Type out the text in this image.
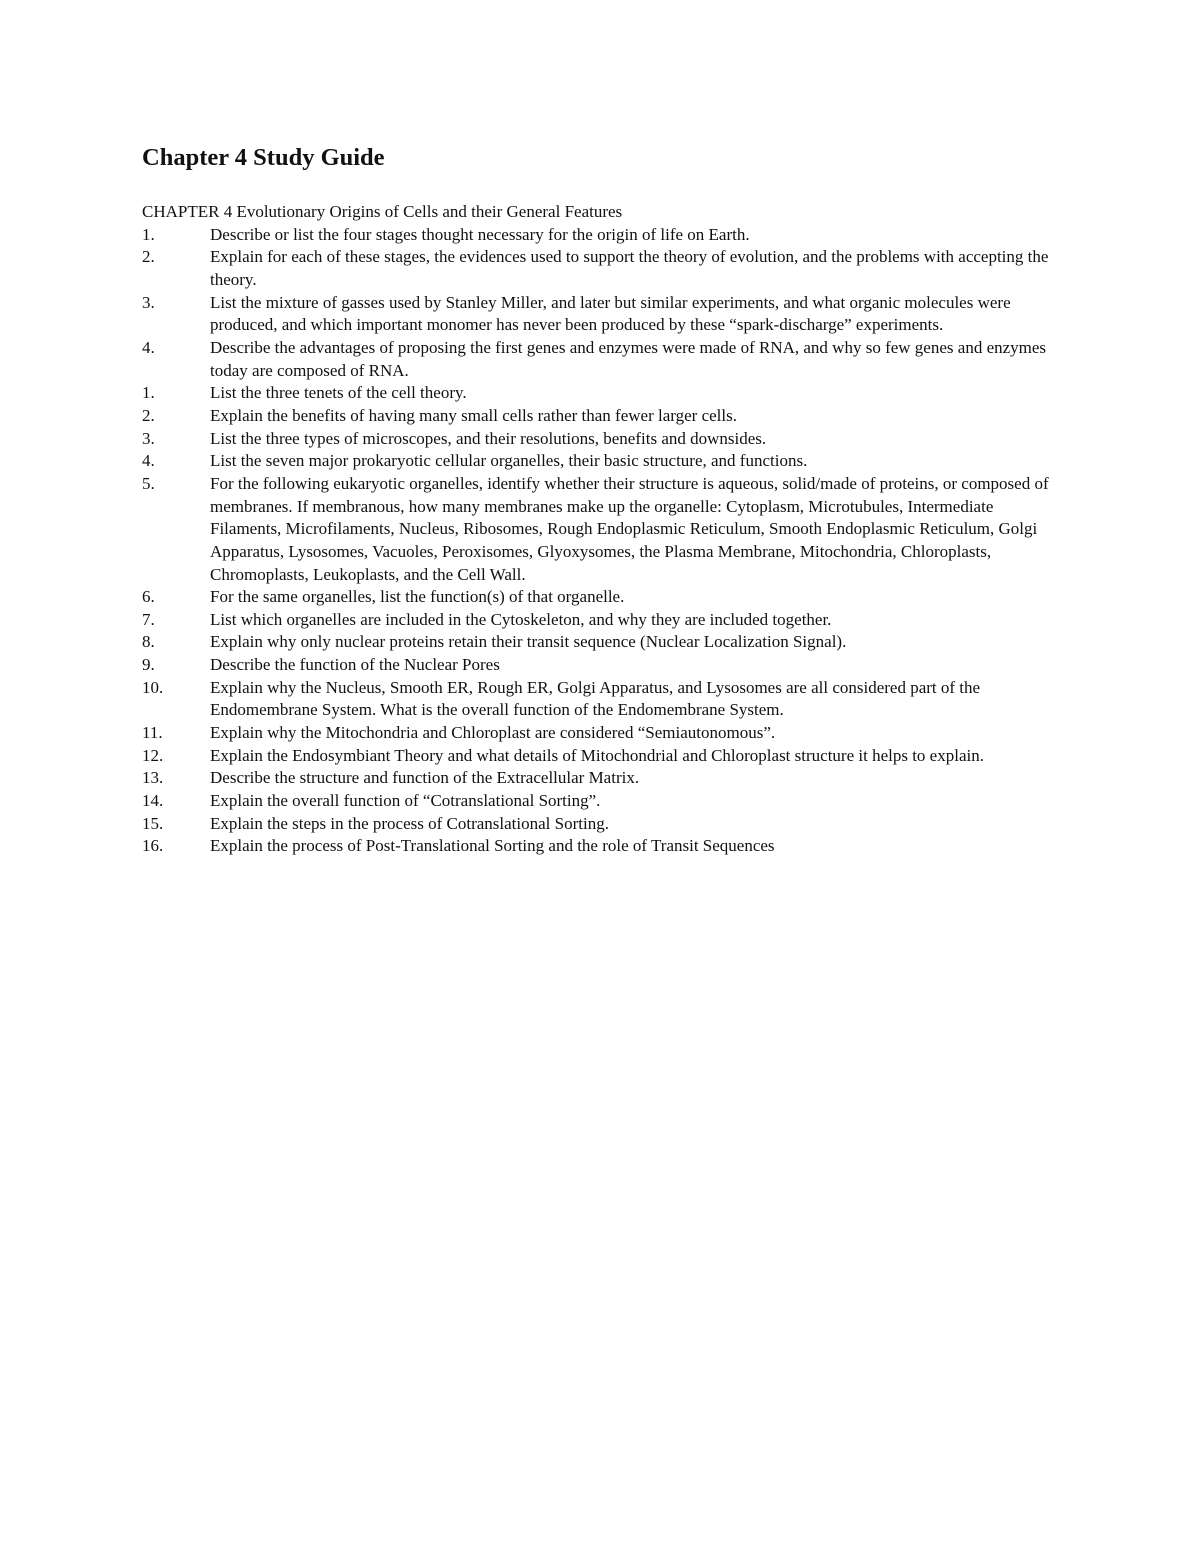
Chapter 4 Study Guide

CHAPTER 4 Evolutionary Origins of Cells and their General Features

1.	Describe or list the four stages thought necessary for the origin of life on Earth.
2.	Explain for each of these stages, the evidences used to support the theory of evolution, and the problems with accepting the theory.
3.	List the mixture of gasses used by Stanley Miller, and later but similar experiments, and what organic molecules were produced, and which important monomer has never been produced by these “spark-discharge” experiments.
4.	Describe the advantages of proposing the first genes and enzymes were made of RNA, and why so few genes and enzymes today are composed of RNA.
1.	List the three tenets of the cell theory.
2.	Explain the benefits of having many small cells rather than fewer larger cells.
3.	List the three types of microscopes, and their resolutions, benefits and downsides.
4.	List the seven major prokaryotic cellular organelles, their basic structure, and functions.
5.	For the following eukaryotic organelles, identify whether their structure is aqueous, solid/made of proteins, or composed of membranes. If membranous, how many membranes make up the organelle: Cytoplasm, Microtubules, Intermediate Filaments, Microfilaments, Nucleus, Ribosomes, Rough Endoplasmic Reticulum, Smooth Endoplasmic Reticulum, Golgi Apparatus, Lysosomes, Vacuoles, Peroxisomes, Glyoxysomes, the Plasma Membrane, Mitochondria, Chloroplasts, Chromoplasts, Leukoplasts, and the Cell Wall.
6.	For the same organelles, list the function(s) of that organelle.
7.	List which organelles are included in the Cytoskeleton, and why they are included together.
8.	Explain why only nuclear proteins retain their transit sequence (Nuclear Localization Signal).
9.	Describe the function of the Nuclear Pores
10.	Explain why the Nucleus, Smooth ER, Rough ER, Golgi Apparatus, and Lysosomes are all considered part of the Endomembrane System. What is the overall function of the Endomembrane System.
11.	Explain why the Mitochondria and Chloroplast are considered “Semiautonomous”.
12.	Explain the Endosymbiant Theory and what details of Mitochondrial and Chloroplast structure it helps to explain.
13.	Describe the structure and function of the Extracellular Matrix.
14.	Explain the overall function of “Cotranslational Sorting”.
15.	Explain the steps in the process of Cotranslational Sorting.
16.	Explain the process of Post-Translational Sorting and the role of Transit Sequences
